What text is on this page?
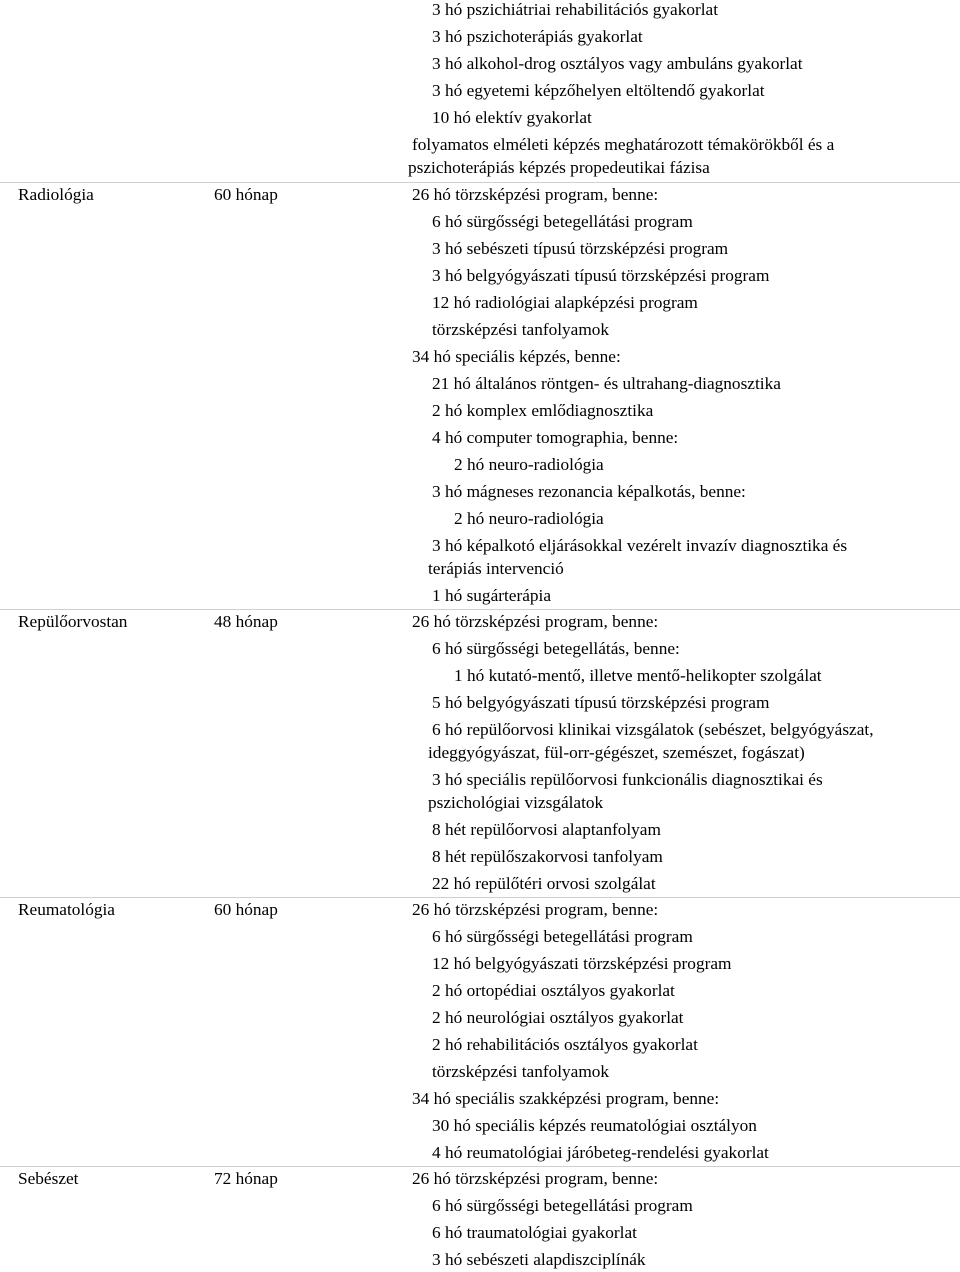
3 hó pszichiátriai rehabilitációs gyakorlat
3 hó pszichoterápiás gyakorlat
3 hó alkohol-drog osztályos vagy ambuláns gyakorlat
3 hó egyetemi képzőhelyen eltöltendő gyakorlat
10 hó elektív gyakorlat
folyamatos elméleti képzés meghatározott témakörökből és a
pszichoterápiás képzés propedeutikai fázisa
Radiológia	60 hónap	26 hó törzsképzési program, benne:
6 hó sürgősségi betegellátási program
3 hó sebészeti típusú törzsképzési program
3 hó belgyógyászati típusú törzsképzési program
12 hó radiológiai alapképzési program
törzsképzési tanfolyamok
34 hó speciális képzés, benne:
21 hó általános röntgen- és ultrahang-diagnosztika
2 hó komplex emlődiagnosztika
4 hó computer tomographia, benne:
2 hó neuro-radiológia
3 hó mágneses rezonancia képalkotás, benne:
2 hó neuro-radiológia
3 hó képalkotó eljárásokkal vezérelt invazív diagnosztika és
terápiás intervenció
1 hó sugárterápia
Repülőorvostan	48 hónap	26 hó törzsképzési program, benne:
6 hó sürgősségi betegellátás, benne:
1 hó kutató-mentő, illetve mentő-helikopter szolgálat
5 hó belgyógyászati típusú törzsképzési program
6 hó repülőorvosi klinikai vizsgálatok (sebészet, belgyógyászat,
ideggyógyászat, fül-orr-gégészet, szemészet, fogászat)
3 hó speciális repülőorvosi funkcionális diagnosztikai és
pszichológiai vizsgálatok
8 hét repülőorvosi alaptanfolyam
8 hét repülőszakorvosi tanfolyam
22 hó repülőtéri orvosi szolgálat
Reumatológia	60 hónap	26 hó törzsképzési program, benne:
6 hó sürgősségi betegellátási program
12 hó belgyógyászati törzsképzési program
2 hó ortopédiai osztályos gyakorlat
2 hó neurológiai osztályos gyakorlat
2 hó rehabilitációs osztályos gyakorlat
törzsképzési tanfolyamok
34 hó speciális szakképzési program, benne:
30 hó speciális képzés reumatológiai osztályon
4 hó reumatológiai járóbeteg-rendelési gyakorlat
Sebészet	72 hónap	26 hó törzsképzési program, benne:
6 hó sürgősségi betegellátási program
6 hó traumatológiai gyakorlat
3 hó sebészeti alapdiszciplínák
